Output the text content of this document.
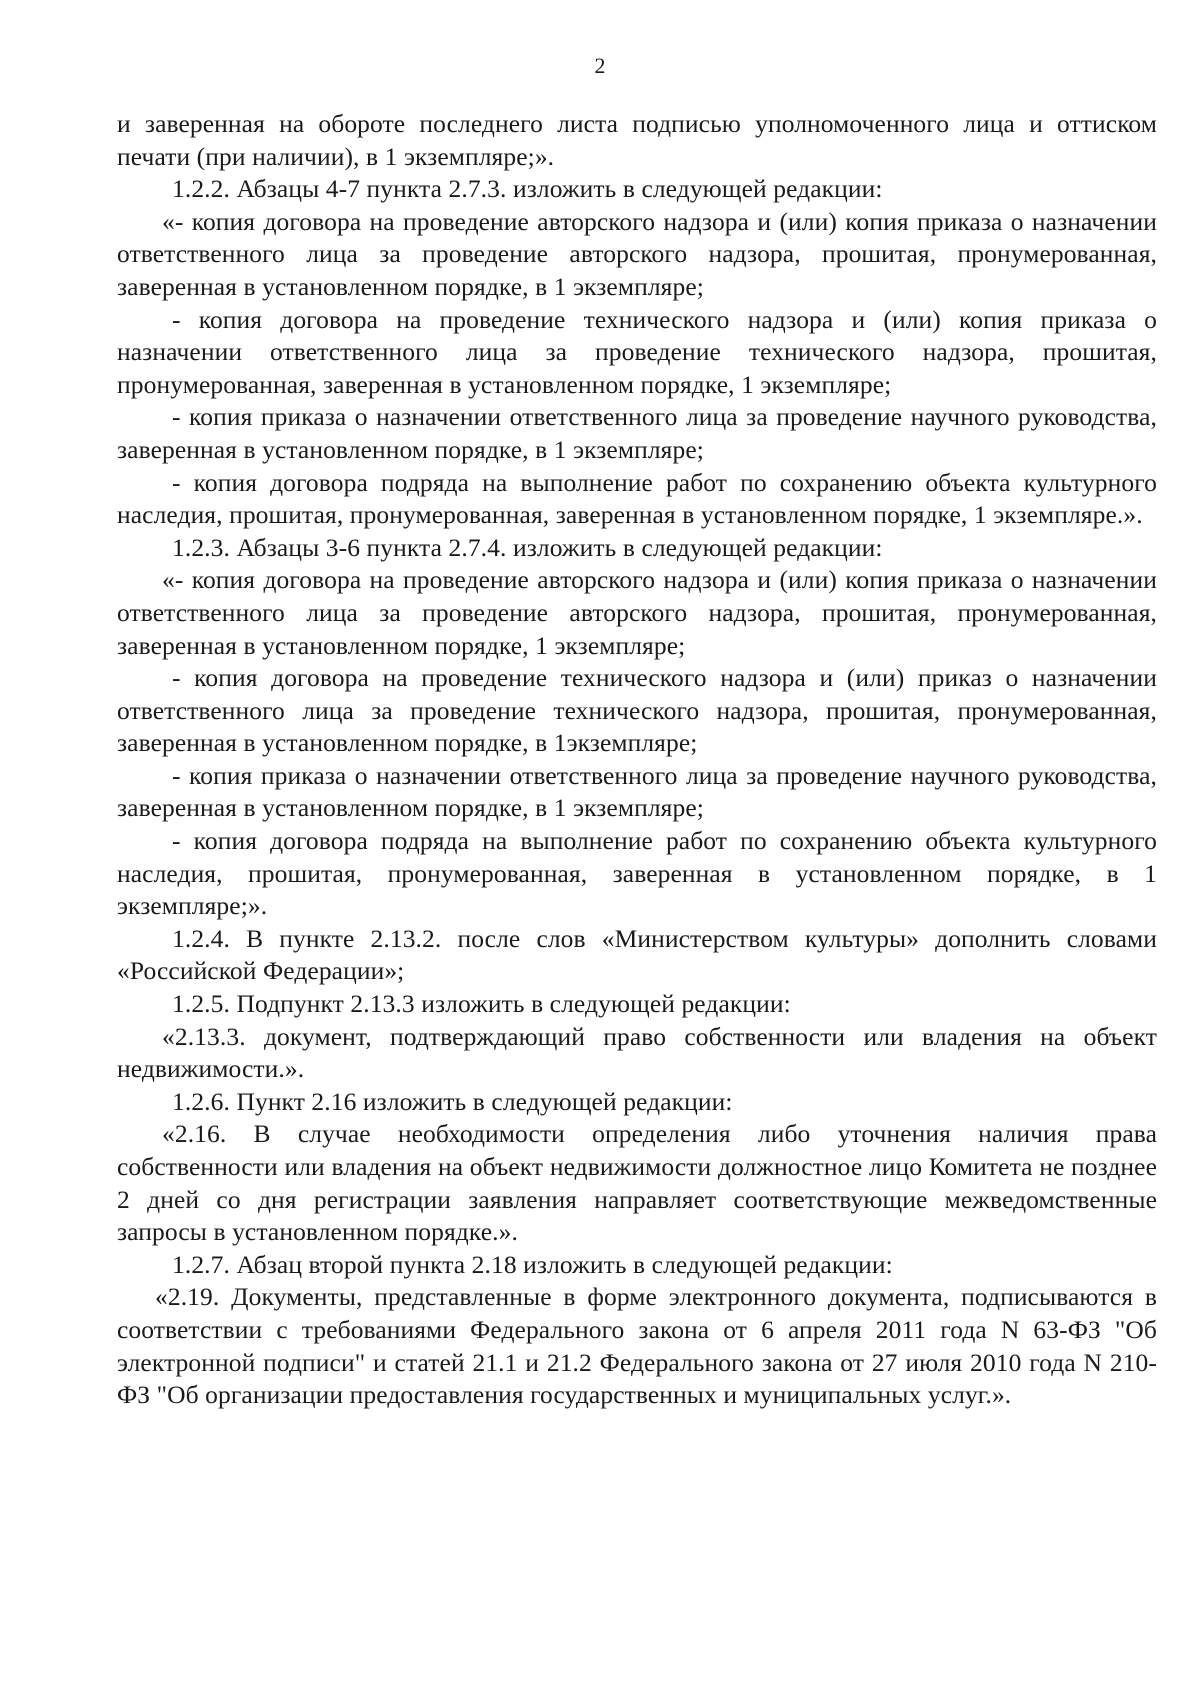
2

и заверенная на обороте последнего листа подписью уполномоченного лица и оттиском печати (при наличии), в 1 экземпляре;».

1.2.2. Абзацы 4-7 пункта 2.7.3. изложить в следующей редакции:

«- копия договора на проведение авторского надзора и (или) копия приказа о назначении ответственного лица за проведение авторского надзора, прошитая, пронумерованная, заверенная в установленном порядке, в 1 экземпляре;

- копия договора на проведение технического надзора и (или) копия приказа о назначении ответственного лица за проведение технического надзора, прошитая, пронумерованная, заверенная в установленном порядке, 1 экземпляре;

- копия приказа о назначении ответственного лица за проведение научного руководства, заверенная в установленном порядке, в 1 экземпляре;

- копия договора подряда на выполнение работ по сохранению объекта культурного наследия, прошитая, пронумерованная, заверенная в установленном порядке, 1 экземпляре.».

1.2.3. Абзацы 3-6 пункта 2.7.4. изложить в следующей редакции:

«- копия договора на проведение авторского надзора и (или) копия приказа о назначении ответственного лица за проведение авторского надзора, прошитая, пронумерованная, заверенная в установленном порядке, 1 экземпляре;

- копия договора на проведение технического надзора и (или) приказ о назначении ответственного лица за проведение технического надзора, прошитая, пронумерованная, заверенная в установленном порядке, в 1экземпляре;

- копия приказа о назначении ответственного лица за проведение научного руководства, заверенная в установленном порядке, в 1 экземпляре;

- копия договора подряда на выполнение работ по сохранению объекта культурного наследия, прошитая, пронумерованная, заверенная в установленном порядке, в 1 экземпляре;».

1.2.4. В пункте 2.13.2. после слов «Министерством культуры» дополнить словами «Российской Федерации»;

1.2.5. Подпункт 2.13.3 изложить в следующей редакции:

«2.13.3. документ, подтверждающий право собственности или владения на объект недвижимости.».

1.2.6. Пункт 2.16 изложить в следующей редакции:

«2.16. В случае необходимости определения либо уточнения наличия права собственности или владения на объект недвижимости должностное лицо Комитета не позднее 2 дней со дня регистрации заявления направляет соответствующие межведомственные запросы в установленном порядке.».

1.2.7. Абзац второй пункта 2.18 изложить в следующей редакции:

«2.19. Документы, представленные в форме электронного документа, подписываются в соответствии с требованиями Федерального закона от 6 апреля 2011 года N 63-ФЗ "Об электронной подписи" и статей 21.1 и 21.2 Федерального закона от 27 июля 2010 года N 210-ФЗ "Об организации предоставления государственных и муниципальных услуг.».
